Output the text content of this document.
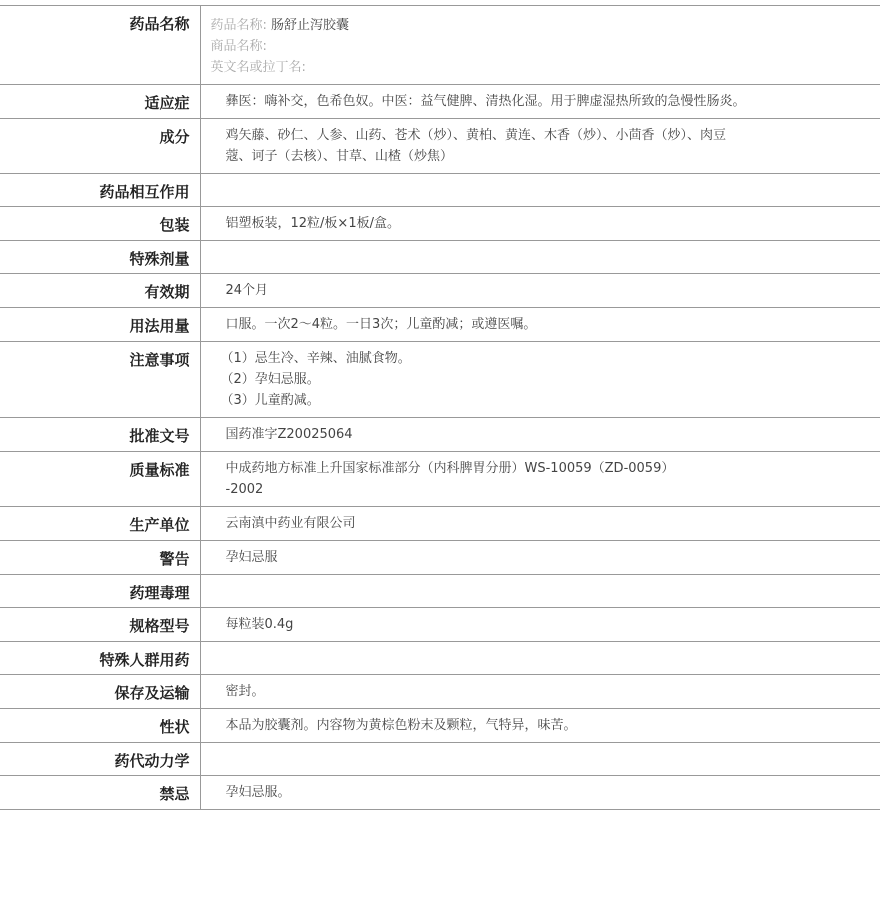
药品名称	药品名称: 肠舒止泻胶囊
商品名称:
英文名或拉丁名:

适应症	彝医：嗨补交，色希色奴。中医：益气健脾、清热化湿。用于脾虚湿热所致的急慢性肠炎。
成分	鸡矢藤、砂仁、人参、山药、苍术（炒）、黄柏、黄连、木香（炒）、小茴香（炒）、肉豆
蔻、诃子（去核）、甘草、山楂（炒焦）

药品相互作用	
包装	铝塑板装，12粒/板×1板/盒。
特殊剂量	
有效期	24个月
用法用量	口服。一次2～4粒。一日3次；儿童酌减；或遵医嘱。
注意事项	（1）忌生冷、辛辣、油腻食物。
（2）孕妇忌服。
（3）儿童酌减。

批准文号	国药准字Z20025064
质量标准	中成药地方标准上升国家标准部分（内科脾胃分册）WS-10059（ZD-0059）
-2002

生产单位	云南滇中药业有限公司
警告	孕妇忌服
药理毒理	
规格型号	每粒装0.4g
特殊人群用药	
保存及运输	密封。
性状	本品为胶囊剂。内容物为黄棕色粉末及颗粒，气特异，味苦。
药代动力学	
禁忌	孕妇忌服。
